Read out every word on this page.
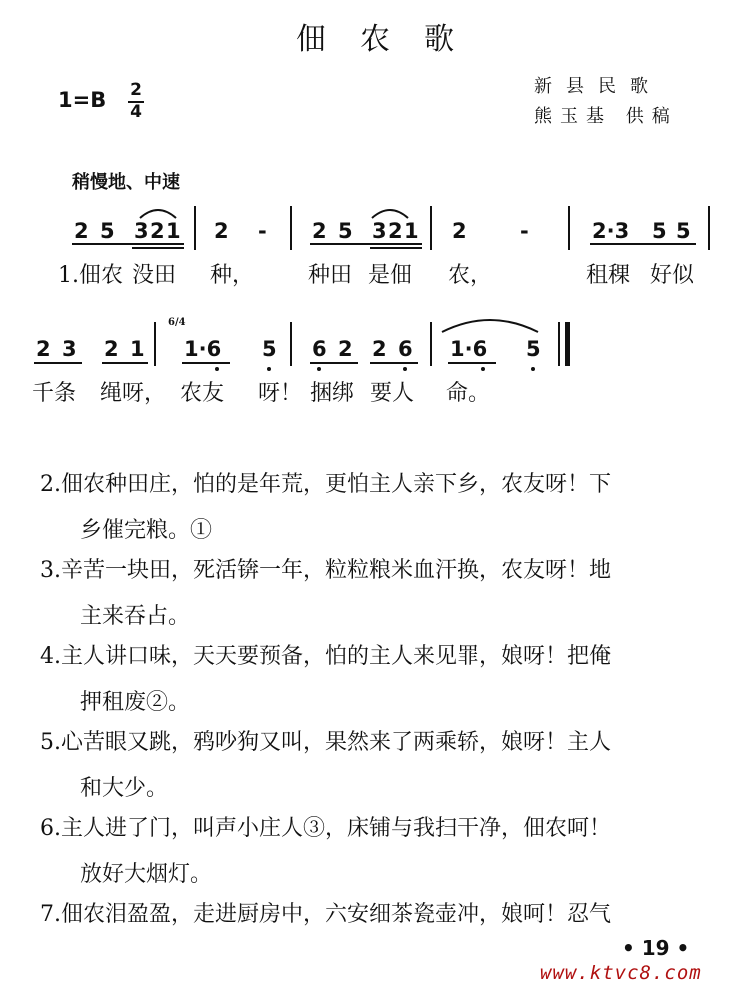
佃农歌
1=B 2
4
新县民歌
熊玉基 供稿
稍慢地、中速
2 5 3 2 1 2 - 2 5 3 2 1 2	-	2·3 5 5
1.佃农 没田 种， 种田 是佃 农，	租稞 好似
2 3 2 1
6/4
1·6 5 6 2 2 6 1·6 5
千条 绳呀， 农友 呀！ 捆绑 要人 命。
2.佃农种田庄，怕的是年荒，更怕主人亲下乡，农友呀！下
乡催完粮。①
3.辛苦一块田，死活锛一年，粒粒粮米血汗换，农友呀！地
主来吞占。
4.主人讲口味，天天要预备，怕的主人来见罪，娘呀！把俺
押租废②。
5.心苦眼又跳，鸦吵狗又叫，果然来了两乘轿，娘呀！主人
和大少。
6.主人进了门，叫声小庄人③，床铺与我扫干净，佃农呵！
放好大烟灯。
7.佃农泪盈盈，走进厨房中，六安细茶瓷壶冲，娘呵！忍气
• 19 •
www.ktvc8.com
